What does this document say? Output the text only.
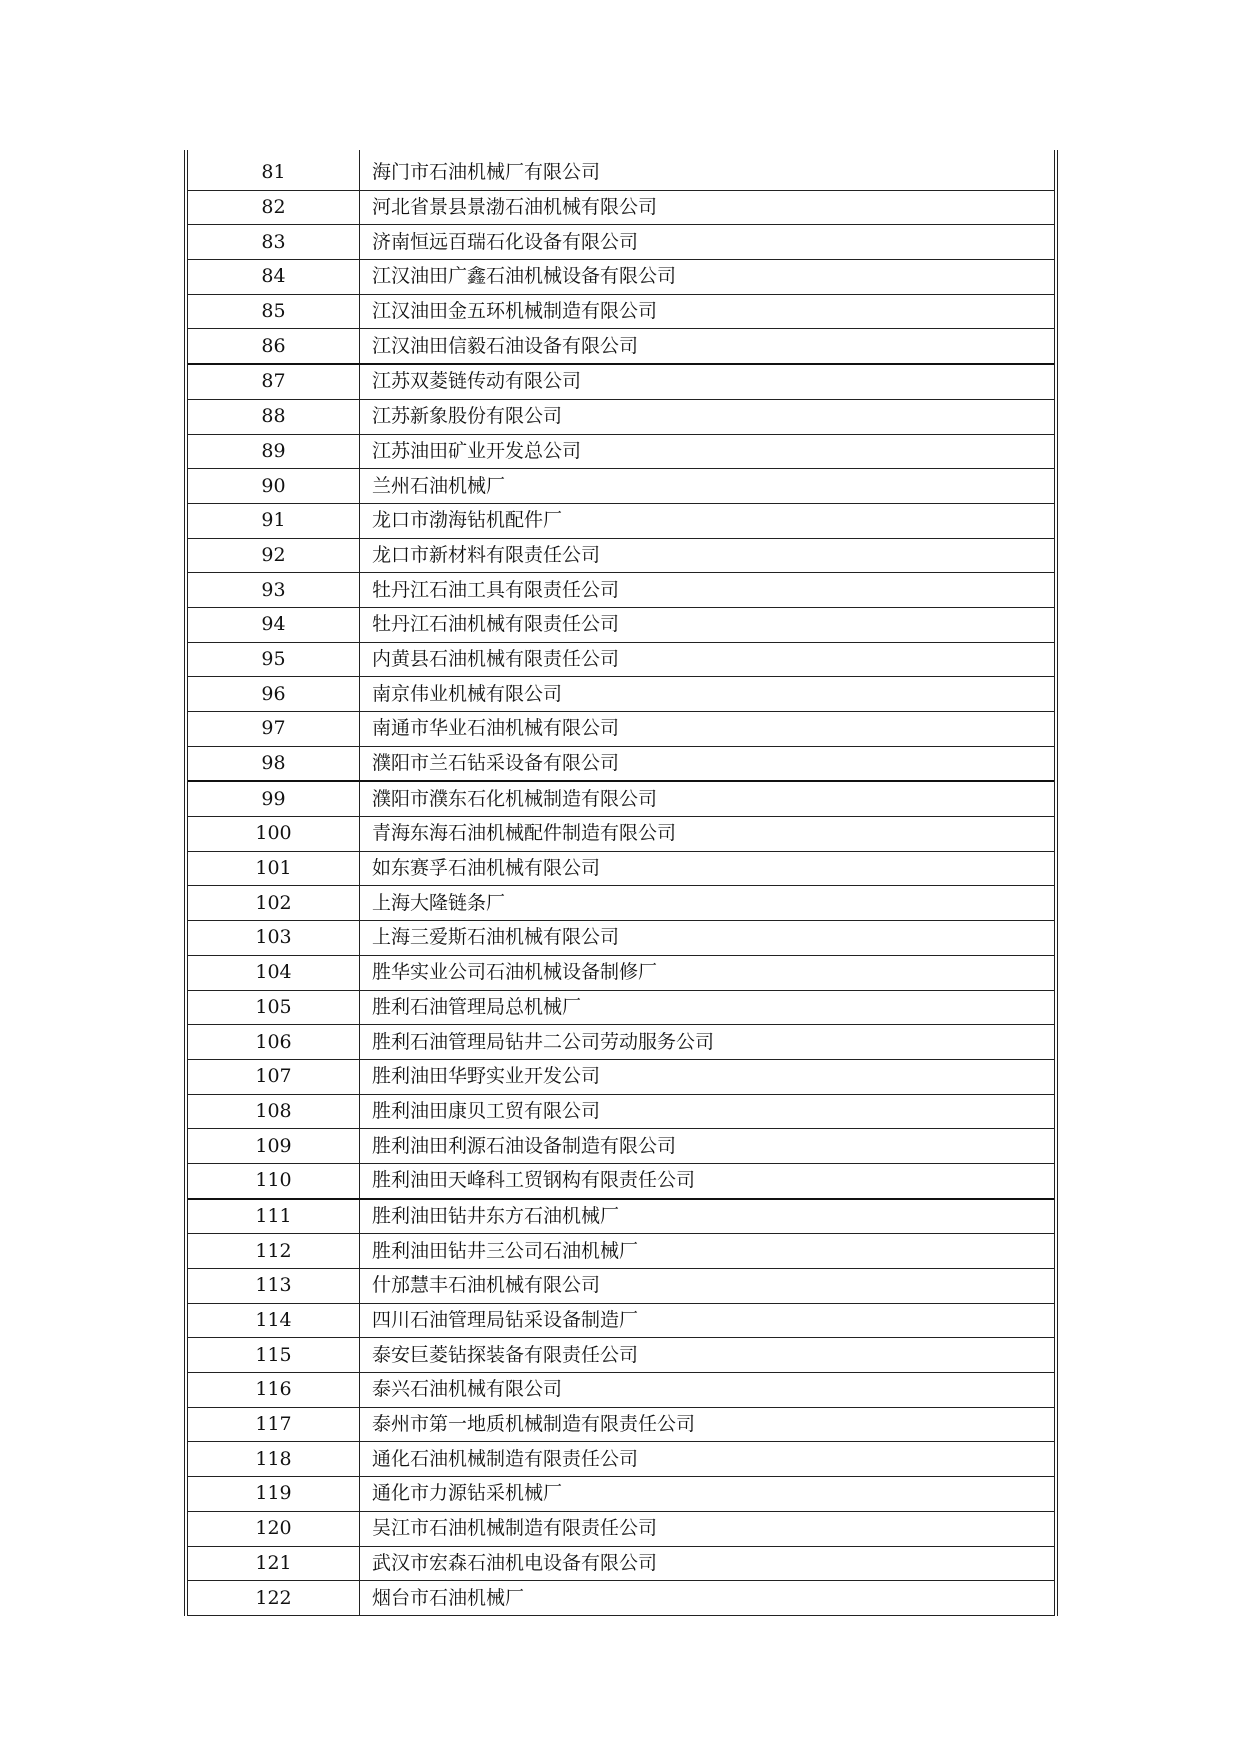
81	海门市石油机械厂有限公司
82	河北省景县景渤石油机械有限公司
83	济南恒远百瑞石化设备有限公司
84	江汉油田广鑫石油机械设备有限公司
85	江汉油田金五环机械制造有限公司
86	江汉油田信毅石油设备有限公司
87	江苏双菱链传动有限公司
88	江苏新象股份有限公司
89	江苏油田矿业开发总公司
90	兰州石油机械厂
91	龙口市渤海钻机配件厂
92	龙口市新材料有限责任公司
93	牡丹江石油工具有限责任公司
94	牡丹江石油机械有限责任公司
95	内黄县石油机械有限责任公司
96	南京伟业机械有限公司
97	南通市华业石油机械有限公司
98	濮阳市兰石钻采设备有限公司
99	濮阳市濮东石化机械制造有限公司
100	青海东海石油机械配件制造有限公司
101	如东赛孚石油机械有限公司
102	上海大隆链条厂
103	上海三爱斯石油机械有限公司
104	胜华实业公司石油机械设备制修厂
105	胜利石油管理局总机械厂
106	胜利石油管理局钻井二公司劳动服务公司
107	胜利油田华野实业开发公司
108	胜利油田康贝工贸有限公司
109	胜利油田利源石油设备制造有限公司
110	胜利油田天峰科工贸钢构有限责任公司
111	胜利油田钻井东方石油机械厂
112	胜利油田钻井三公司石油机械厂
113	什邡慧丰石油机械有限公司
114	四川石油管理局钻采设备制造厂
115	泰安巨菱钻探装备有限责任公司
116	泰兴石油机械有限公司
117	泰州市第一地质机械制造有限责任公司
118	通化石油机械制造有限责任公司
119	通化市力源钻采机械厂
120	吴江市石油机械制造有限责任公司
121	武汉市宏森石油机电设备有限公司
122	烟台市石油机械厂
